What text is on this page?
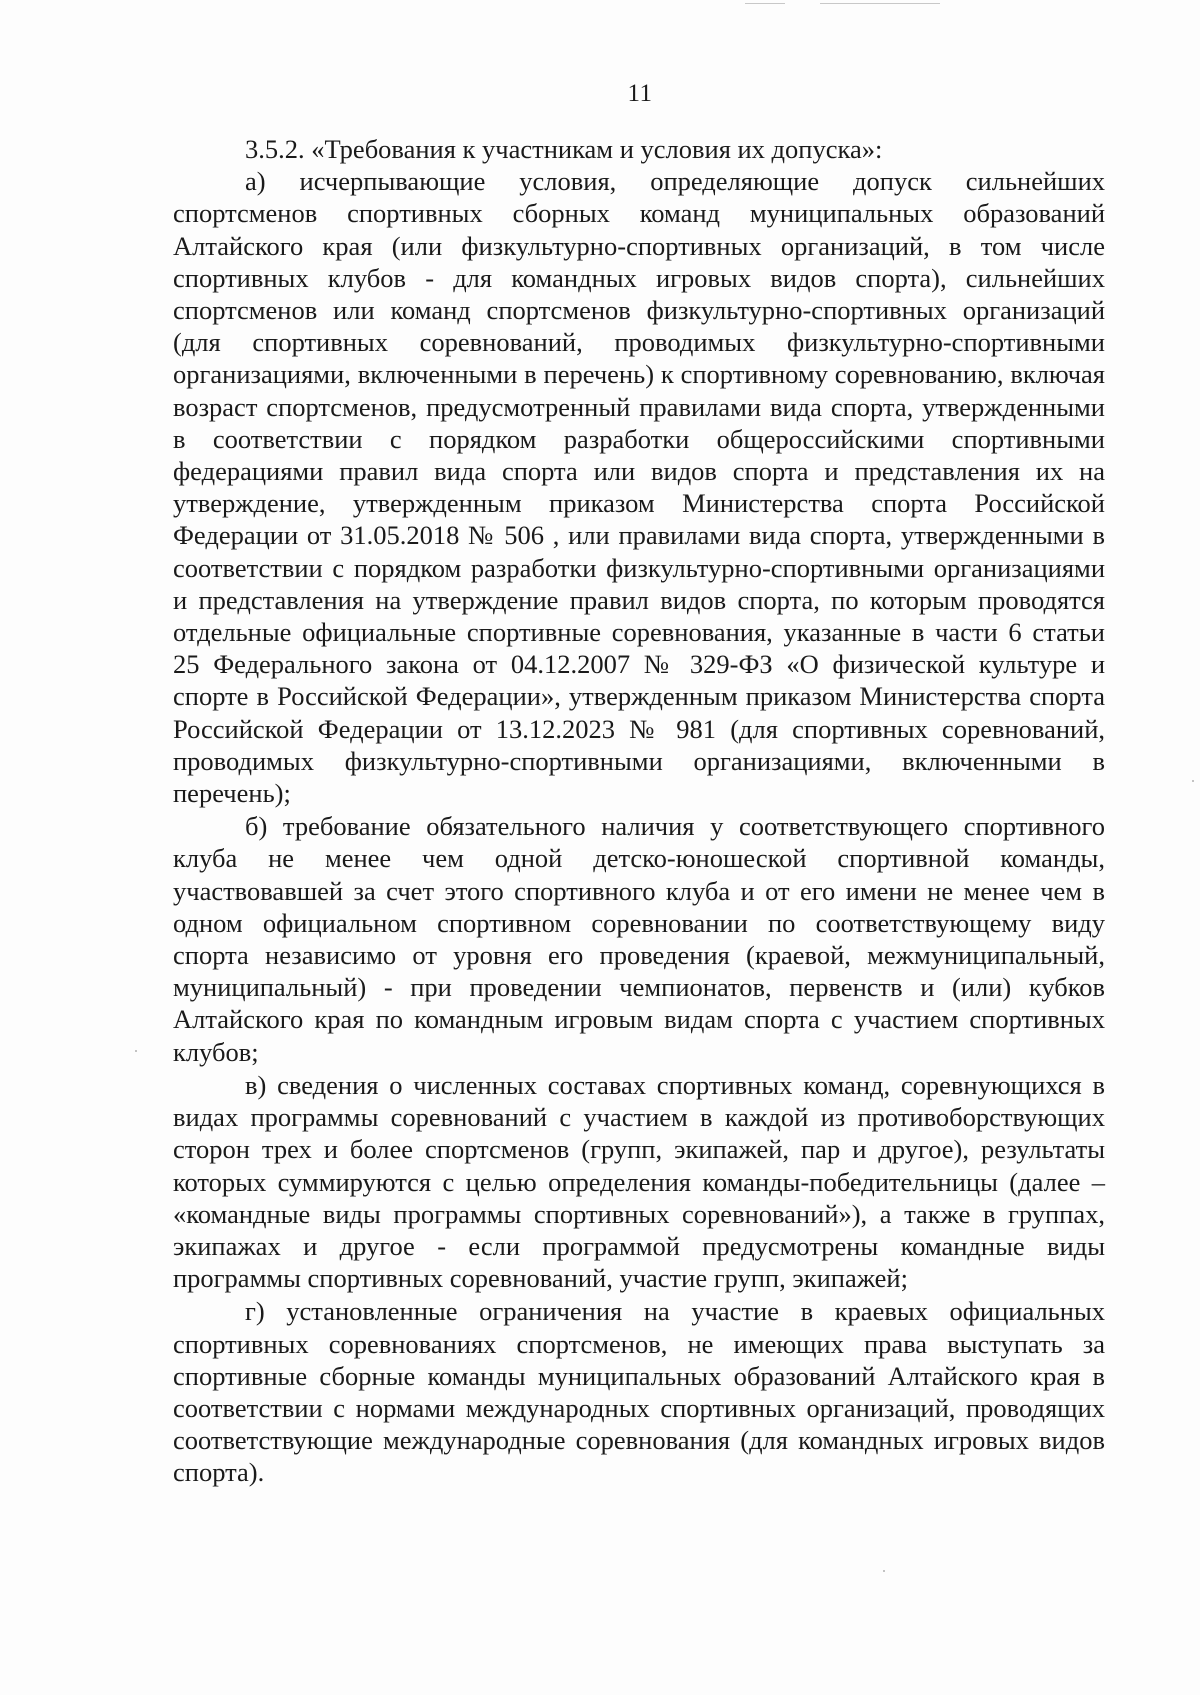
11

3.5.2. «Требования к участникам и условия их допуска»:

а) исчерпывающие условия, определяющие допуск сильнейших спортсменов спортивных сборных команд муниципальных образований Алтайского края (или физкультурно-спортивных организаций, в том числе спортивных клубов - для командных игровых видов спорта), сильнейших спортсменов или команд спортсменов физкультурно-спортивных организаций (для спортивных соревнований, проводимых физкультурно-спортивными организациями, включенными в перечень) к спортивному соревнованию, включая возраст спортсменов, предусмотренный правилами вида спорта, утвержденными в соответствии с порядком разработки общероссийскими спортивными федерациями правил вида спорта или видов спорта и представления их на утверждение, утвержденным приказом Министерства спорта Российской Федерации от 31.05.2018 № 506 , или правилами вида спорта, утвержденными в соответствии с порядком разработки физкультурно-спортивными организациями и представления на утверждение правил видов спорта, по которым проводятся отдельные официальные спортивные соревнования, указанные в части 6 статьи 25 Федерального закона от 04.12.2007 № 329-ФЗ «О физической культуре и спорте в Российской Федерации», утвержденным приказом Министерства спорта Российской Федерации от 13.12.2023 № 981 (для спортивных соревнований, проводимых физкультурно-спортивными организациями, включенными в перечень);

б) требование обязательного наличия у соответствующего спортивного клуба не менее чем одной детско-юношеской спортивной команды, участвовавшей за счет этого спортивного клуба и от его имени не менее чем в одном официальном спортивном соревновании по соответствующему виду спорта независимо от уровня его проведения (краевой, межмуниципальный, муниципальный) - при проведении чемпионатов, первенств и (или) кубков Алтайского края по командным игровым видам спорта с участием спортивных клубов;

в) сведения о численных составах спортивных команд, соревнующихся в видах программы соревнований с участием в каждой из противоборствующих сторон трех и более спортсменов (групп, экипажей, пар и другое), результаты которых суммируются с целью определения команды-победительницы (далее – «командные виды программы спортивных соревнований»), а также в группах, экипажах и другое - если программой предусмотрены командные виды программы спортивных соревнований, участие групп, экипажей;

г) установленные ограничения на участие в краевых официальных спортивных соревнованиях спортсменов, не имеющих права выступать за спортивные сборные команды муниципальных образований Алтайского края в соответствии с нормами международных спортивных организаций, проводящих соответствующие международные соревнования (для командных игровых видов спорта).
